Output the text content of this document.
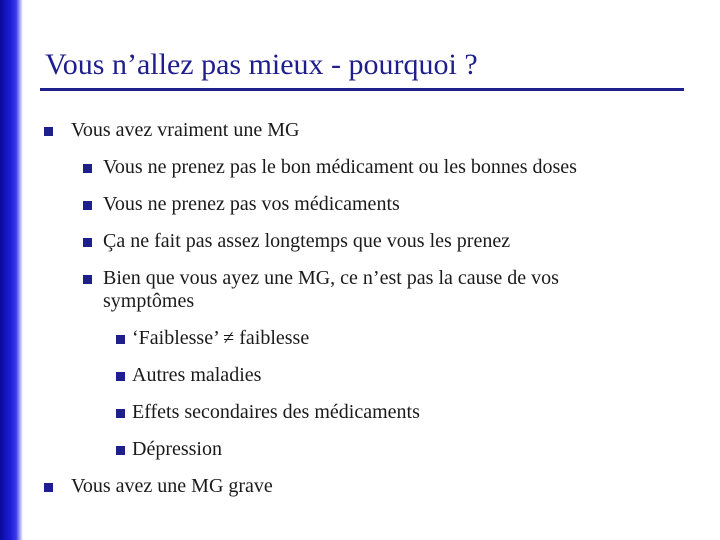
Vous n’allez pas mieux - pourquoi ?
Vous avez vraiment une MG
Vous ne prenez pas le bon médicament ou les bonnes doses
Vous ne prenez pas vos médicaments
Ça ne fait pas assez longtemps que vous les prenez
Bien que vous ayez une MG, ce n’est pas la cause de vos symptômes
‘Faiblesse’ ≠ faiblesse
Autres maladies
Effets secondaires des médicaments
Dépression
Vous avez une MG grave
